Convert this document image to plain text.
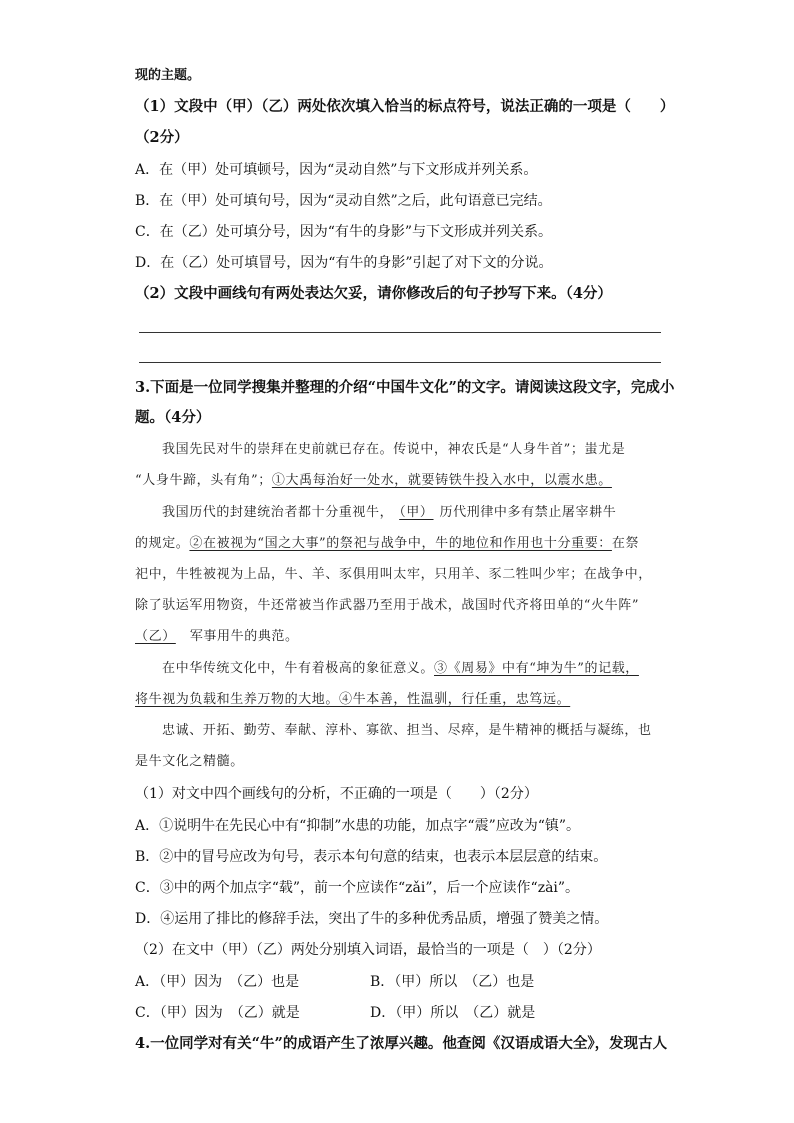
现的主题。
（1）文段中（甲）（乙）两处依次填入恰当的标点符号，说法正确的一项是（　　）
（2分）
A．在（甲）处可填顿号，因为“灵动自然”与下文形成并列关系。
B．在（甲）处可填句号，因为“灵动自然”之后，此句语意已完结。
C．在（乙）处可填分号，因为“有牛的身影”与下文形成并列关系。
D．在（乙）处可填冒号，因为“有牛的身影”引起了对下文的分说。
（2）文段中画线句有两处表达欠妥，请你修改后的句子抄写下来。（4分）
3.下面是一位同学搜集并整理的介绍“中国牛文化”的文字。请阅读这段文字，完成小
题。（4分）
我国先民对牛的崇拜在史前就已存在。传说中，神农氏是“人身牛首”；蚩尤是
“人身牛蹄，头有角”；①大禹每治好一处水，就要铸铁牛投入水中，以震水患。
我国历代的封建统治者都十分重视牛， （甲） 历代刑律中多有禁止屠宰耕牛
的规定。②在被视为“国之大事”的祭祀与战争中，牛的地位和作用也十分重要：在祭
祀中，牛牲被视为上品，牛、羊、豕俱用叫太牢，只用羊、豕二牲叫少牢；在战争中，
除了驮运军用物资，牛还常被当作武器乃至用于战术，战国时代齐将田单的“火牛阵”
（乙） 军事用牛的典范。
在中华传统文化中，牛有着极高的象征意义。③《周易》中有“坤为牛”的记载，
将牛视为负载和生养万物的大地。④牛本善，性温驯，行任重，忠笃远。
忠诚、开拓、勤劳、奉献、淳朴、寡欲、担当、尽瘁，是牛精神的概括与凝练，也
是牛文化之精髓。
（1）对文中四个画线句的分析，不正确的一项是（　　）（2分）
A．①说明牛在先民心中有“抑制”水患的功能，加点字“震”应改为“镇”。
B．②中的冒号应改为句号，表示本句句意的结束，也表示本层层意的结束。
C．③中的两个加点字“载”，前一个应读作“zǎi”，后一个应读作“zài”。
D．④运用了排比的修辞手法，突出了牛的多种优秀品质，增强了赞美之情。
（2）在文中（甲）（乙）两处分别填入词语，最恰当的一项是（　）（2分）
A．（甲）因为　（乙）也是	B．（甲）所以　（乙）也是
C．（甲）因为　（乙）就是	D．（甲）所以　（乙）就是
4.一位同学对有关“牛”的成语产生了浓厚兴趣。他查阅《汉语成语大全》，发现古人
